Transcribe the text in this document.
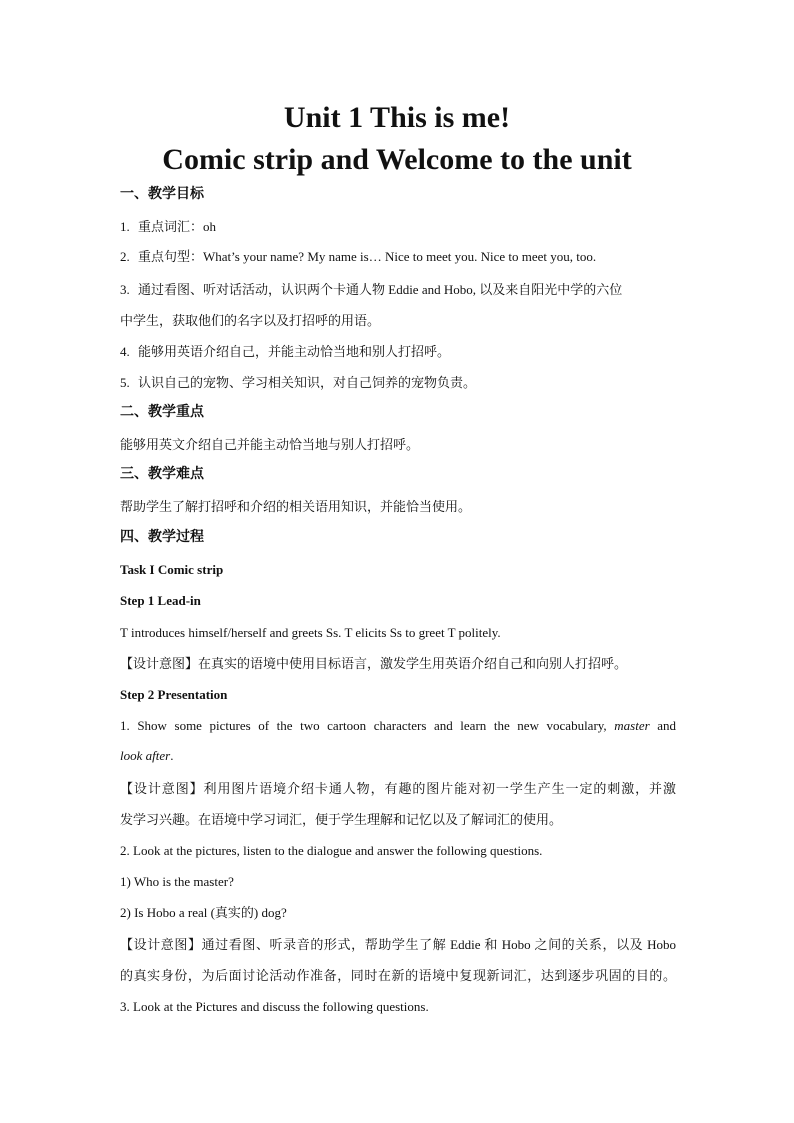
Unit 1 This is me!
Comic strip and Welcome to the unit
一、教学目标
1. 重点词汇：oh
2. 重点句型：What’s your name? My name is… Nice to meet you. Nice to meet you, too.
3. 通过看图、听对话活动，认识两个卡通人物 Eddie and Hobo, 以及来自阳光中学的六位
中学生，获取他们的名字以及打招呼的用语。
4. 能够用英语介绍自己，并能主动恰当地和别人打招呼。
5. 认识自己的宠物、学习相关知识，对自己饲养的宠物负责。
二、教学重点
能够用英文介绍自己并能主动恰当地与别人打招呼。
三、教学难点
帮助学生了解打招呼和介绍的相关语用知识，并能恰当使用。
四、教学过程
Task I Comic strip
Step 1 Lead-in
T introduces himself/herself and greets Ss. T elicits Ss to greet T politely.
【设计意图】在真实的语境中使用目标语言，激发学生用英语介绍自己和向别人打招呼。
Step 2 Presentation
1. Show some pictures of the two cartoon characters and learn the new vocabulary, master and
look after.
【设计意图】利用图片语境介绍卡通人物，有趣的图片能对初一学生产生一定的刺激，并激
发学习兴趣。在语境中学习词汇，便于学生理解和记忆以及了解词汇的使用。
2. Look at the pictures, listen to the dialogue and answer the following questions.
1) Who is the master?
2) Is Hobo a real (真实的) dog?
【设计意图】通过看图、听录音的形式，帮助学生了解 Eddie 和 Hobo 之间的关系，以及 Hobo
的真实身份，为后面讨论活动作准备，同时在新的语境中复现新词汇，达到逐步巩固的目的。
3. Look at the Pictures and discuss the following questions.
